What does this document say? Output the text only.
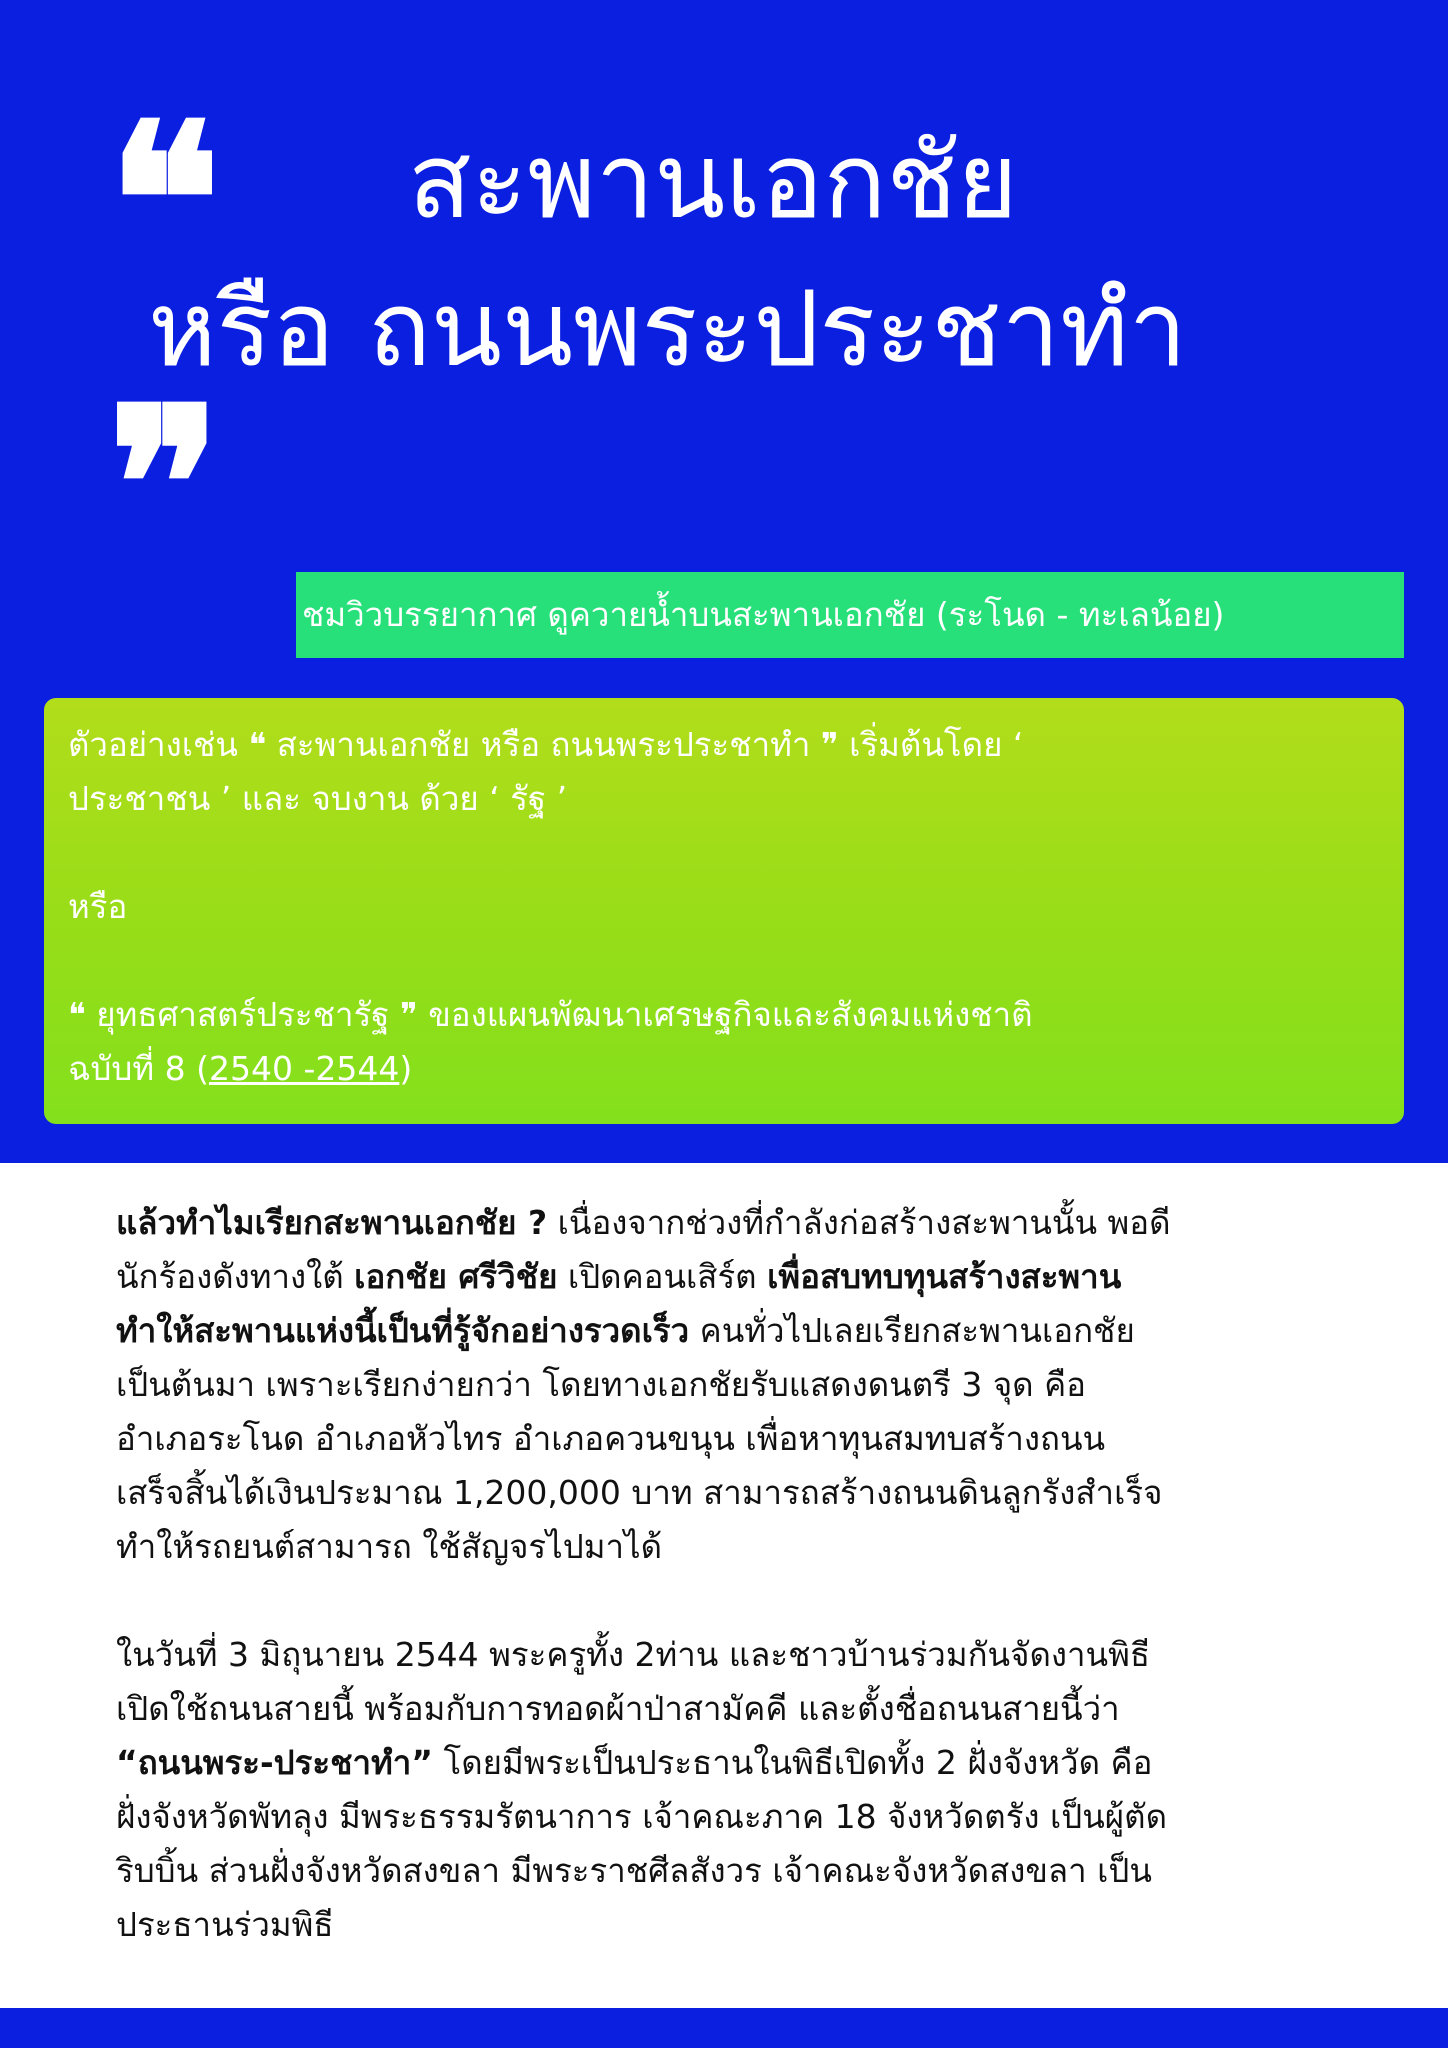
❝ สะพานเอกชัย
หรือ ถนนพระประชาทำ
❞
ชมวิวบรรยากาศ ดูควายน้ำบนสะพานเอกชัย (ระโนด - ทะเลน้อย)
ตัวอย่างเช่น ❝ สะพานเอกชัย หรือ ถนนพระประชาทำ ❞ เริ่มต้นโดย ‘
ประชาชน ’ และ จบงาน ด้วย ‘ รัฐ ’
หรือ
❝ ยุทธศาสตร์ประชารัฐ ❞ ของแผนพัฒนาเศรษฐกิจและสังคมแห่งชาติ
ฉบับที่ 8 (2540 -2544)
แล้วทำไมเรียกสะพานเอกชัย ? เนื่องจากช่วงที่กำลังก่อสร้างสะพานนั้น พอดี
นักร้องดังทางใต้ เอกชัย ศรีวิชัย เปิดคอนเสิร์ต เพื่อสบทบทุนสร้างสะพาน
ทำให้สะพานแห่งนี้เป็นที่รู้จักอย่างรวดเร็ว คนทั่วไปเลยเรียกสะพานเอกชัย
เป็นต้นมา เพราะเรียกง่ายกว่า โดยทางเอกชัยรับแสดงดนตรี 3 จุด คือ
อำเภอระโนด อำเภอหัวไทร อำเภอควนขนุน เพื่อหาทุนสมทบสร้างถนน
เสร็จสิ้นได้เงินประมาณ 1,200,000 บาท สามารถสร้างถนนดินลูกรังสำเร็จ
ทำให้รถยนต์สามารถ ใช้สัญจรไปมาได้
ในวันที่ 3 มิถุนายน 2544 พระครูทั้ง 2ท่าน และชาวบ้านร่วมกันจัดงานพิธี
เปิดใช้ถนนสายนี้ พร้อมกับการทอดผ้าป่าสามัคคี และตั้งชื่อถนนสายนี้ว่า
“ถนนพระ-ประชาทำ” โดยมีพระเป็นประธานในพิธีเปิดทั้ง 2 ฝั่งจังหวัด คือ
ฝั่งจังหวัดพัทลุง มีพระธรรมรัตนาการ เจ้าคณะภาค 18 จังหวัดตรัง เป็นผู้ตัด
ริบบิ้น ส่วนฝั่งจังหวัดสงขลา มีพระราชศีลสังวร เจ้าคณะจังหวัดสงขลา เป็น
ประธานร่วมพิธี
